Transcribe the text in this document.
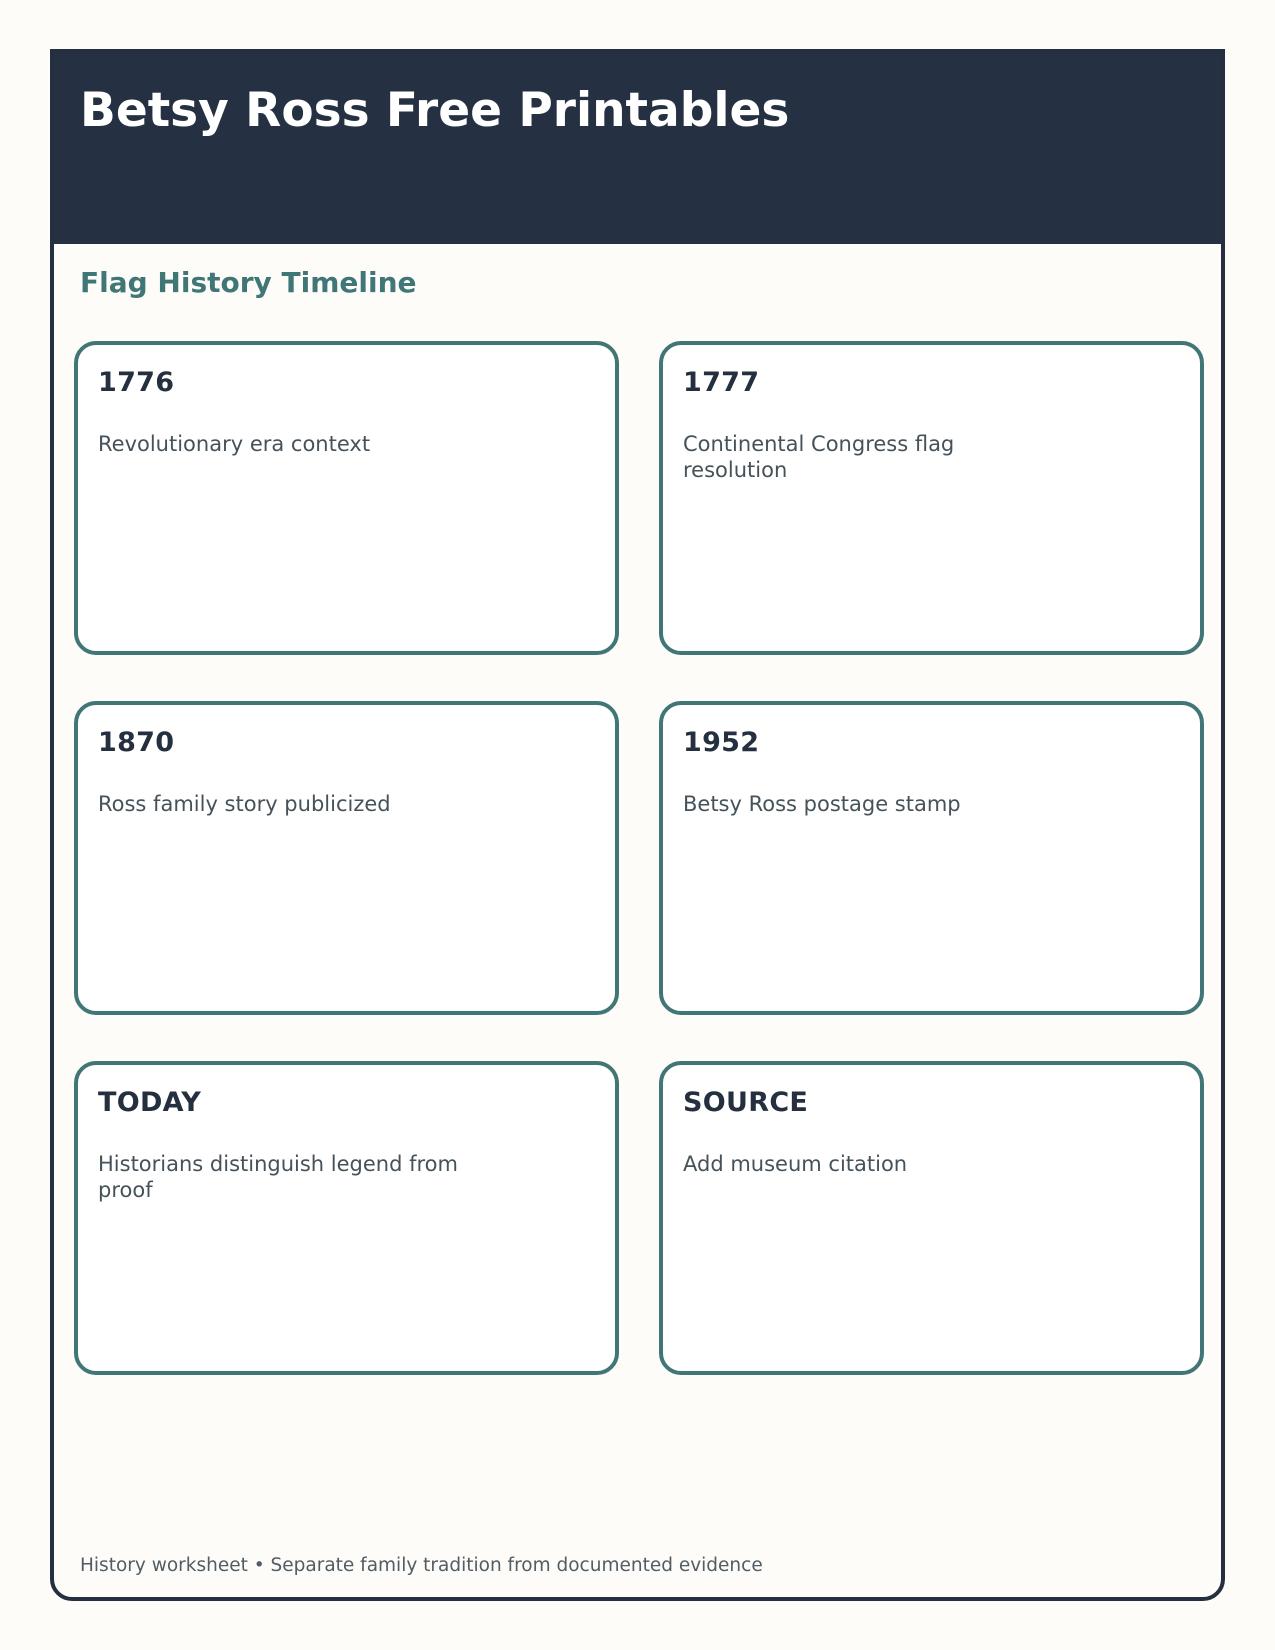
Betsy Ross Free Printables
Flag History Timeline
1776
Revolutionary era context
1777
Continental Congress flag resolution
1870
Ross family story publicized
1952
Betsy Ross postage stamp
TODAY
Historians distinguish legend from proof
SOURCE
Add museum citation

History worksheet • Separate family tradition from documented evidence
